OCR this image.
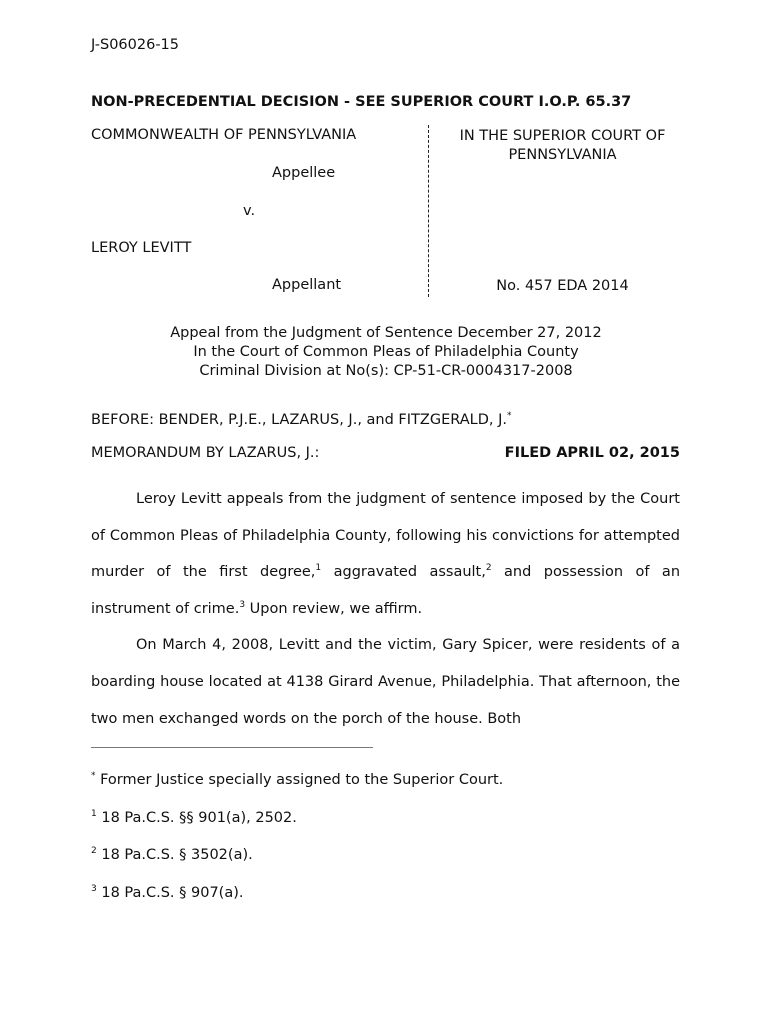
J-S06026-15
NON-PRECEDENTIAL DECISION - SEE SUPERIOR COURT I.O.P. 65.37
COMMONWEALTH OF PENNSYLVANIA
Appellee
v.
LEROY LEVITT
Appellant
IN THE SUPERIOR COURT OF
PENNSYLVANIA
No. 457 EDA 2014
Appeal from the Judgment of Sentence December 27, 2012
In the Court of Common Pleas of Philadelphia County
Criminal Division at No(s): CP-51-CR-0004317-2008
BEFORE: BENDER, P.J.E., LAZARUS, J., and FITZGERALD, J.*
MEMORANDUM BY LAZARUS, J.:	FILED APRIL 02, 2015

Leroy Levitt appeals from the judgment of sentence imposed by the Court of Common Pleas of Philadelphia County, following his convictions for attempted murder of the first degree,$^1$ aggravated assault,$^2$ and possession of an instrument of crime.$^3$ Upon review, we affirm.

On March 4, 2008, Levitt and the victim, Gary Spicer, were residents of a boarding house located at 4138 Girard Avenue, Philadelphia. That afternoon, the two men exchanged words on the porch of the house. Both

* Former Justice specially assigned to the Superior Court.
$^1$ 18 Pa.C.S. §§ 901(a), 2502.
$^2$ 18 Pa.C.S. § 3502(a).
$^3$ 18 Pa.C.S. § 907(a).
